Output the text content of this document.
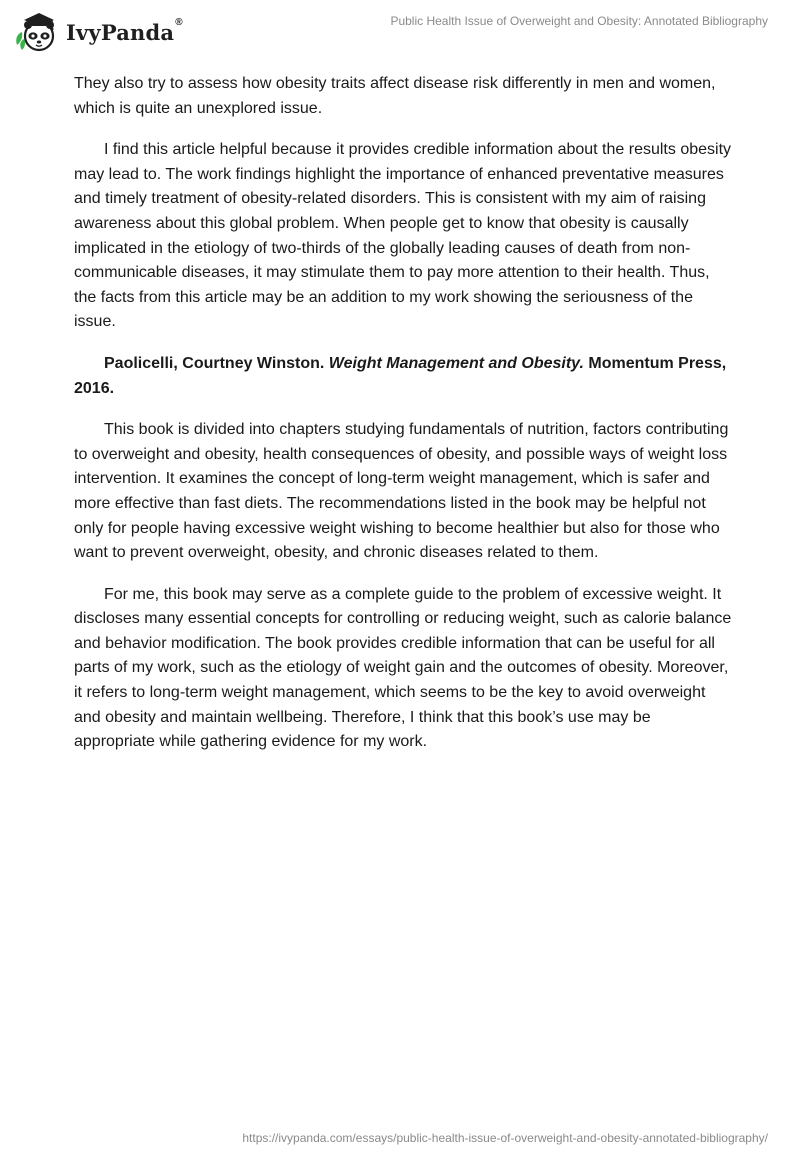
IvyPanda®	Public Health Issue of Overweight and Obesity: Annotated Bibliography

They also try to assess how obesity traits affect disease risk differently in men and women, which is quite an unexplored issue.

I find this article helpful because it provides credible information about the results obesity may lead to. The work findings highlight the importance of enhanced preventative measures and timely treatment of obesity-related disorders. This is consistent with my aim of raising awareness about this global problem. When people get to know that obesity is causally implicated in the etiology of two-thirds of the globally leading causes of death from non-communicable diseases, it may stimulate them to pay more attention to their health. Thus, the facts from this article may be an addition to my work showing the seriousness of the issue.

Paolicelli, Courtney Winston. Weight Management and Obesity. Momentum Press, 2016.

This book is divided into chapters studying fundamentals of nutrition, factors contributing to overweight and obesity, health consequences of obesity, and possible ways of weight loss intervention. It examines the concept of long-term weight management, which is safer and more effective than fast diets. The recommendations listed in the book may be helpful not only for people having excessive weight wishing to become healthier but also for those who want to prevent overweight, obesity, and chronic diseases related to them.

For me, this book may serve as a complete guide to the problem of excessive weight. It discloses many essential concepts for controlling or reducing weight, such as calorie balance and behavior modification. The book provides credible information that can be useful for all parts of my work, such as the etiology of weight gain and the outcomes of obesity. Moreover, it refers to long-term weight management, which seems to be the key to avoid overweight and obesity and maintain wellbeing. Therefore, I think that this book’s use may be appropriate while gathering evidence for my work.

https://ivypanda.com/essays/public-health-issue-of-overweight-and-obesity-annotated-bibliography/
